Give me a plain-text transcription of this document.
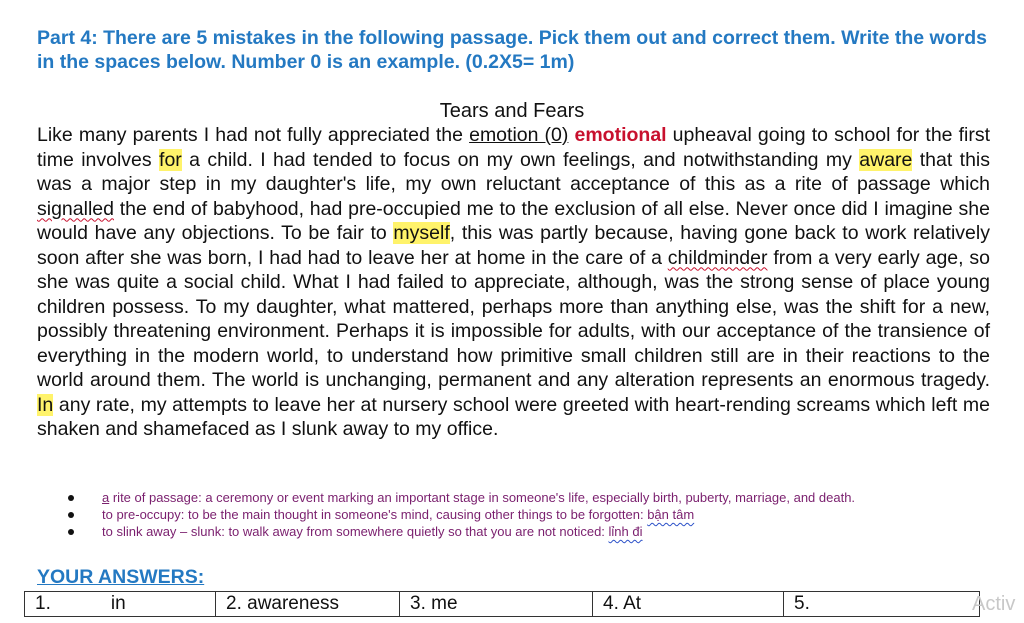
Part 4: There are 5 mistakes in the following passage. Pick them out and correct them. Write the words in the spaces below. Number 0 is an example. (0.2X5= 1m)
Tears and Fears
Like many parents I had not fully appreciated the emotion (0) emotional upheaval going to school for the first time involves for a child. I had tended to focus on my own feelings, and notwithstanding my aware that this was a major step in my daughter's life, my own reluctant acceptance of this as a rite of passage which signalled the end of babyhood, had pre-occupied me to the exclusion of all else. Never once did I imagine she would have any objections. To be fair to myself, this was partly because, having gone back to work relatively soon after she was born, I had had to leave her at home in the care of a childminder from a very early age, so she was quite a social child. What I had failed to appreciate, although, was the strong sense of place young children possess. To my daughter, what mattered, perhaps more than anything else, was the shift for a new, possibly threatening environment. Perhaps it is impossible for adults, with our acceptance of the transience of everything in the modern world, to understand how primitive small children still are in their reactions to the world around them. The world is unchanging, permanent and any alteration represents an enormous tragedy. In any rate, my attempts to leave her at nursery school were greeted with heart-rending screams which left me shaken and shamefaced as I slunk away to my office.
a rite of passage: a ceremony or event marking an important stage in someone's life, especially birth, puberty, marriage, and death.
to pre-occupy: to be the main thought in someone's mind, causing other things to be forgotten: bận tâm
to slink away – slunk: to walk away from somewhere quietly so that you are not noticed: lỉnh đi
YOUR ANSWERS:
1.	in	2. awareness	3. me	4. At	5.	Activ
